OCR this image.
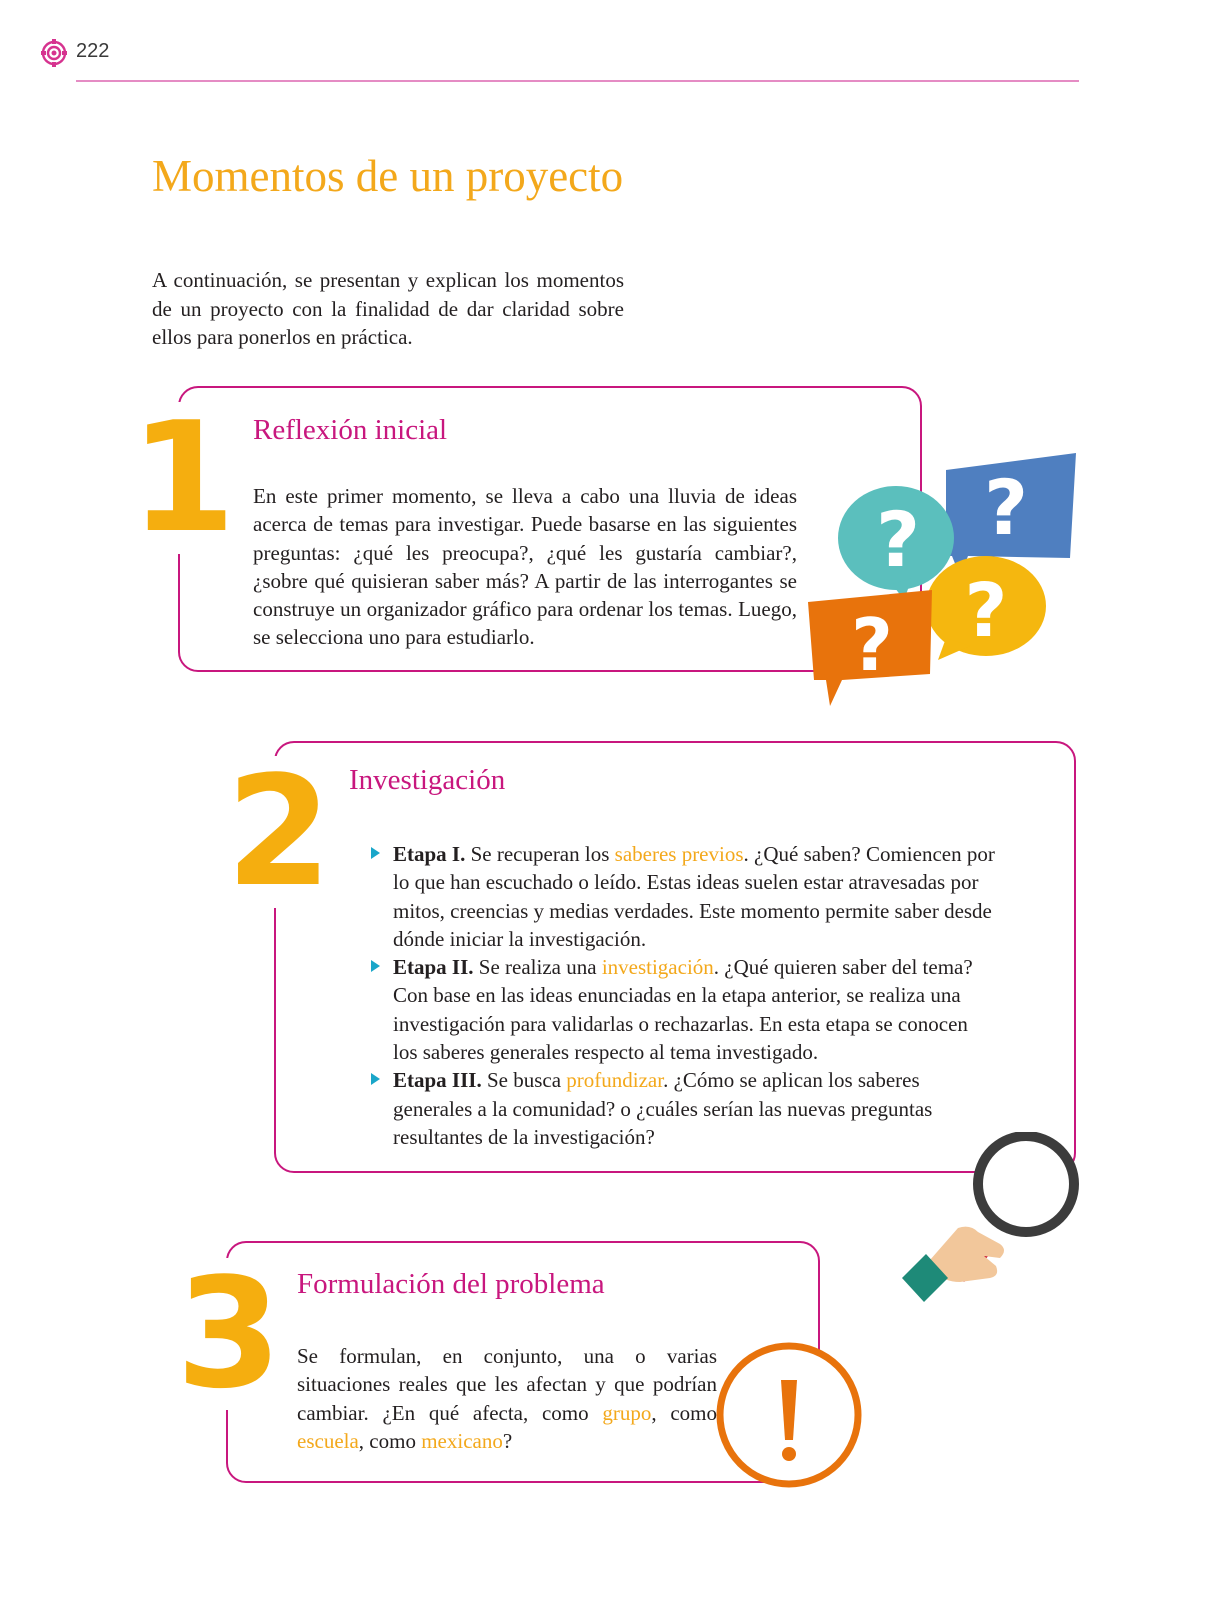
222
Momentos de un proyecto

A continuación, se presentan y explican los momentos de un proyecto con la finalidad de dar claridad sobre ellos para ponerlos en práctica.

1 Reflexión inicial

En este primer momento, se lleva a cabo una lluvia de ideas acerca de temas para investigar. Puede basarse en las siguientes preguntas: ¿qué les preocupa?, ¿qué les gustaría cambiar?, ¿sobre qué quisieran saber más? A partir de las interrogantes se construye un organizador gráfico para ordenar los temas. Luego, se selecciona uno para estudiarlo.

?
?
?
?
2 Investigación
Etapa I. Se recuperan los saberes previos. ¿Qué saben? Comiencen por lo que han escuchado o leído. Estas ideas suelen estar atravesadas por mitos, creencias y medias verdades. Este momento permite saber desde dónde iniciar la investigación.
Etapa II. Se realiza una investigación. ¿Qué quieren saber del tema? Con base en las ideas enunciadas en la etapa anterior, se realiza una investigación para validarlas o rechazarlas. En esta etapa se conocen los saberes generales respecto al tema investigado.
Etapa III. Se busca profundizar. ¿Cómo se aplican los saberes generales a la comunidad? o ¿cuáles serían las nuevas preguntas resultantes de la investigación?
3 Formulación del problema

Se formulan, en conjunto, una o varias situaciones reales que les afectan y que podrían cambiar. ¿En qué afecta, como grupo, como escuela, como mexicano?
